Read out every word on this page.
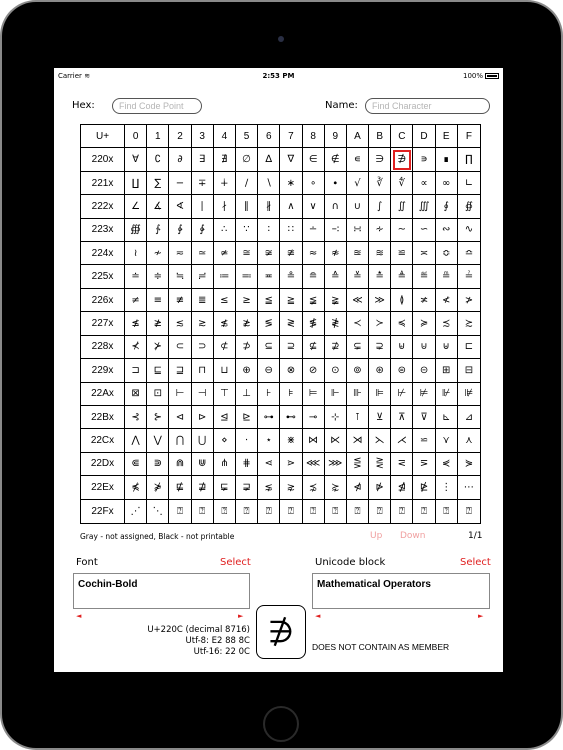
Carrier ≋	2:53 PM	100%
Hex:	Find Code Point	Name:	Find Character
U+	0	1	2	3	4	5	6	7	8	9	A	B	C	D	E	F
220x	∀	∁	∂	∃	∄	∅	∆	∇	∈	∉	∊	∋	∌	∍	∎	∏
221x	∐	∑	−	∓	∔	∕	∖	∗	∘	∙	√	∛	∜	∝	∞	∟
222x	∠	∡	∢	∣	∤	∥	∦	∧	∨	∩	∪	∫	∬	∭	∮	∯
223x	∰	∱	∲	∳	∴	∵	∶	∷	∸	∹	∺	∻	∼	∽	∾	∿
224x	≀	≁	≂	≃	≄	≅	≆	≇	≈	≉	≊	≋	≌	≍	≎	≏
225x	≐	≑	≒	≓	≔	≕	≖	≗	≘	≙	≚	≛	≜	≝	≞	≟
226x	≠	≡	≢	≣	≤	≥	≦	≧	≨	≩	≪	≫	≬	≭	≮	≯
227x	≰	≱	≲	≳	≴	≵	≶	≷	≸	≹	≺	≻	≼	≽	≾	≿
228x	⊀	⊁	⊂	⊃	⊄	⊅	⊆	⊇	⊈	⊉	⊊	⊋	⊌	⊍	⊎	⊏
229x	⊐	⊑	⊒	⊓	⊔	⊕	⊖	⊗	⊘	⊙	⊚	⊛	⊜	⊝	⊞	⊟
22Ax	⊠	⊡	⊢	⊣	⊤	⊥	⊦	⊧	⊨	⊩	⊪	⊫	⊬	⊭	⊮	⊯
22Bx	⊰	⊱	⊲	⊳	⊴	⊵	⊶	⊷	⊸	⊹	⊺	⊻	⊼	⊽	⊾	⊿
22Cx	⋀	⋁	⋂	⋃	⋄	⋅	⋆	⋇	⋈	⋉	⋊	⋋	⋌	⋍	⋎	⋏
22Dx	⋐	⋑	⋒	⋓	⋔	⋕	⋖	⋗	⋘ ⋙	⋚	⋛	⋜	⋝	⋞	⋟
22Ex	⋠	⋡	⋢	⋣	⋤	⋥	⋦	⋧	⋨	⋩	⋪	⋫	⋬	⋭	⋮	⋯
22Fx	⋰	⋱	⍰	⍰	⍰	⍰	⍰	⍰	⍰	⍰	⍰	⍰	⍰	⍰	⍰	⍰
Gray - not assigned, Black - not printable	Up Down	1/1
Font	Select
Cochin-Bold
◄	►
Unicode block	Select
Mathematical Operators
◄	►
U+220C (decimal 8716)
Utf-8: E2 88 8C
Utf-16: 22 0C
∌	DOES NOT CONTAIN AS MEMBER
